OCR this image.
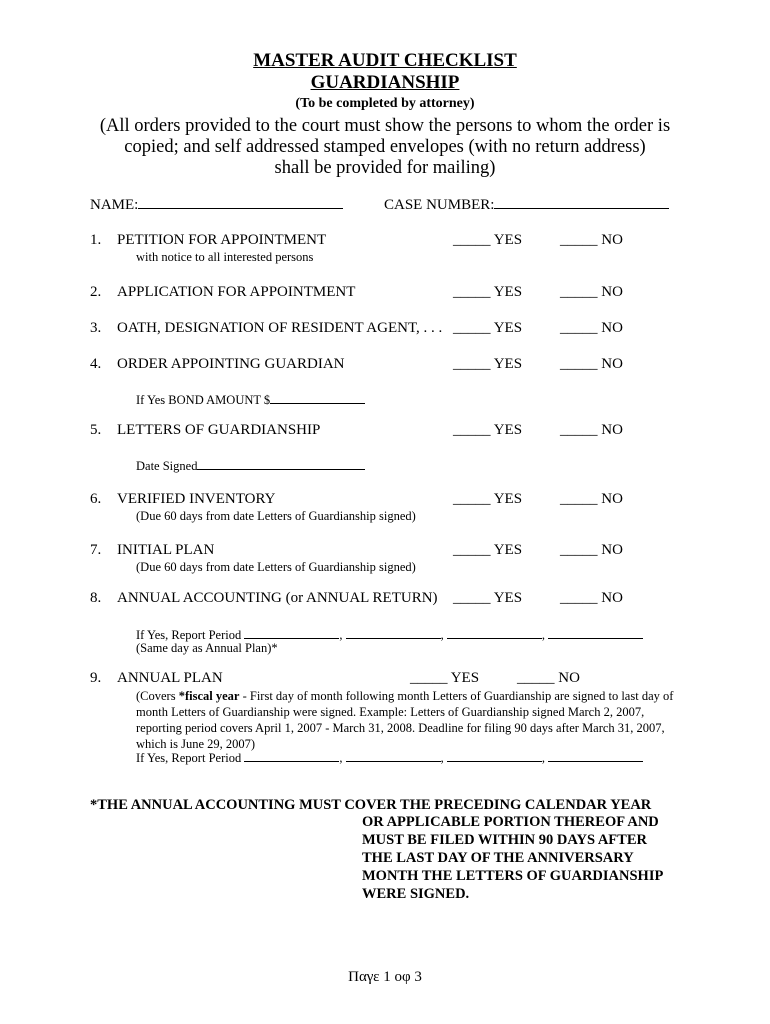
MASTER AUDIT CHECKLIST
GUARDIANSHIP
(To be completed by attorney)
(All orders provided to the court must show the persons to whom the order is
copied; and self addressed stamped envelopes (with no return address)
shall be provided for mailing)
NAME:	CASE NUMBER:
1. PETITION FOR APPOINTMENT	_____ YES	_____ NO
with notice to all interested persons
2. APPLICATION FOR APPOINTMENT	_____ YES	_____ NO
3. OATH, DESIGNATION OF RESIDENT AGENT, . . . _____ YES	_____ NO
4. ORDER APPOINTING GUARDIAN	_____ YES	_____ NO
If Yes BOND AMOUNT $
5. LETTERS OF GUARDIANSHIP	_____ YES	_____ NO
Date Signed
6. VERIFIED INVENTORY	_____ YES	_____ NO
(Due 60 days from date Letters of Guardianship signed)
7. INITIAL PLAN	_____ YES	_____ NO
(Due 60 days from date Letters of Guardianship signed)
8. ANNUAL ACCOUNTING (or ANNUAL RETURN) _____ YES	_____ NO
If Yes, Report Period	,	,	,
(Same day as Annual Plan)*
9. ANNUAL PLAN	_____ YES	_____ NO
(Covers *fiscal year - First day of month following month Letters of Guardianship are signed to last day of month Letters of Guardianship were signed. Example: Letters of Guardianship signed March 2, 2007, reporting period covers April 1, 2007 - March 31, 2008. Deadline for filing 90 days after March 31, 2007, which is June 29, 2007)
If Yes, Report Period	,	,	,
*THE ANNUAL ACCOUNTING MUST COVER THE PRECEDING CALENDAR YEAR
OR APPLICABLE PORTION THEREOF AND
MUST BE FILED WITHIN 90 DAYS AFTER
THE LAST DAY OF THE ANNIVERSARY
MONTH THE LETTERS OF GUARDIANSHIP
WERE SIGNED.
Παγε 1 οφ 3
